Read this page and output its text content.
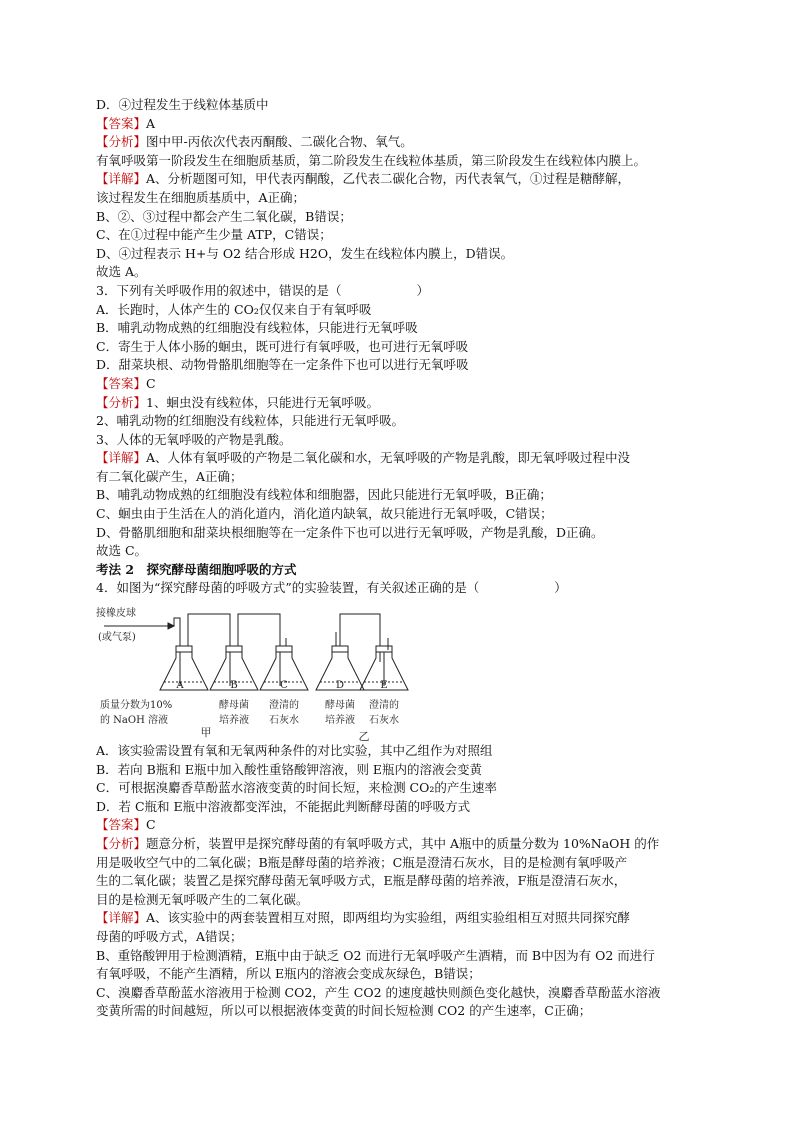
D．④过程发生于线粒体基质中
【答案】A
【分析】图中甲-丙依次代表丙酮酸、二碳化合物、氧气。
有氧呼吸第一阶段发生在细胞质基质，第二阶段发生在线粒体基质，第三阶段发生在线粒体内膜上。
【详解】A、分析题图可知，甲代表丙酮酸，乙代表二碳化合物，丙代表氧气，①过程是糖酵解，
该过程发生在细胞质基质中，A正确；
B、②、③过程中都会产生二氧化碳，B错误；
C、在①过程中能产生少量 ATP，C错误；
D、④过程表示 H+与 O2 结合形成 H2O，发生在线粒体内膜上，D错误。
故选 A。
3．下列有关呼吸作用的叙述中，错误的是（　　　　　　）
A．长跑时，人体产生的 CO₂仅仅来自于有氧呼吸
B．哺乳动物成熟的红细胞没有线粒体，只能进行无氧呼吸
C．寄生于人体小肠的蛔虫，既可进行有氧呼吸，也可进行无氧呼吸
D．甜菜块根、动物骨骼肌细胞等在一定条件下也可以进行无氧呼吸
【答案】C
【分析】1、蛔虫没有线粒体，只能进行无氧呼吸。
2、哺乳动物的红细胞没有线粒体，只能进行无氧呼吸。
3、人体的无氧呼吸的产物是乳酸。
【详解】A、人体有氧呼吸的产物是二氧化碳和水，无氧呼吸的产物是乳酸，即无氧呼吸过程中没
有二氧化碳产生，A正确；
B、哺乳动物成熟的红细胞没有线粒体和细胞器，因此只能进行无氧呼吸，B正确；
C、蛔虫由于生活在人的消化道内，消化道内缺氧，故只能进行无氧呼吸，C错误；
D、骨骼肌细胞和甜菜块根细胞等在一定条件下也可以进行无氧呼吸，产物是乳酸，D正确。
故选 C。
考法 2　探究酵母菌细胞呼吸的方式
4．如图为“探究酵母菌的呼吸方式”的实验装置，有关叙述正确的是（　　　　　　）
接橡皮球
(或气泵)
A	B	C	D	E
质量分数为10%
的 NaOH 溶液
酵母菌
培养液
澄清的
石灰水
酵母菌
培养液
澄清的
石灰水
甲	乙
A．该实验需设置有氧和无氧两种条件的对比实验，其中乙组作为对照组
B．若向 B瓶和 E瓶中加入酸性重铬酸钾溶液，则 E瓶内的溶液会变黄
C．可根据溴麝香草酚蓝水溶液变黄的时间长短，来检测 CO₂的产生速率
D．若 C瓶和 E瓶中溶液都变浑浊，不能据此判断酵母菌的呼吸方式
【答案】C
【分析】题意分析，装置甲是探究酵母菌的有氧呼吸方式，其中 A瓶中的质量分数为 10%NaOH 的作
用是吸收空气中的二氧化碳；B瓶是酵母菌的培养液；C瓶是澄清石灰水，目的是检测有氧呼吸产
生的二氧化碳；装置乙是探究酵母菌无氧呼吸方式，E瓶是酵母菌的培养液，F瓶是澄清石灰水，
目的是检测无氧呼吸产生的二氧化碳。
【详解】A、该实验中的两套装置相互对照，即两组均为实验组，两组实验组相互对照共同探究酵
母菌的呼吸方式，A错误；
B、重铬酸钾用于检测酒精，E瓶中由于缺乏 O2 而进行无氧呼吸产生酒精，而 B中因为有 O2 而进行
有氧呼吸，不能产生酒精，所以 E瓶内的溶液会变成灰绿色，B错误；
C、溴麝香草酚蓝水溶液用于检测 CO2，产生 CO2 的速度越快则颜色变化越快，溴麝香草酚蓝水溶液
变黄所需的时间越短，所以可以根据液体变黄的时间长短检测 CO2 的产生速率，C正确；
